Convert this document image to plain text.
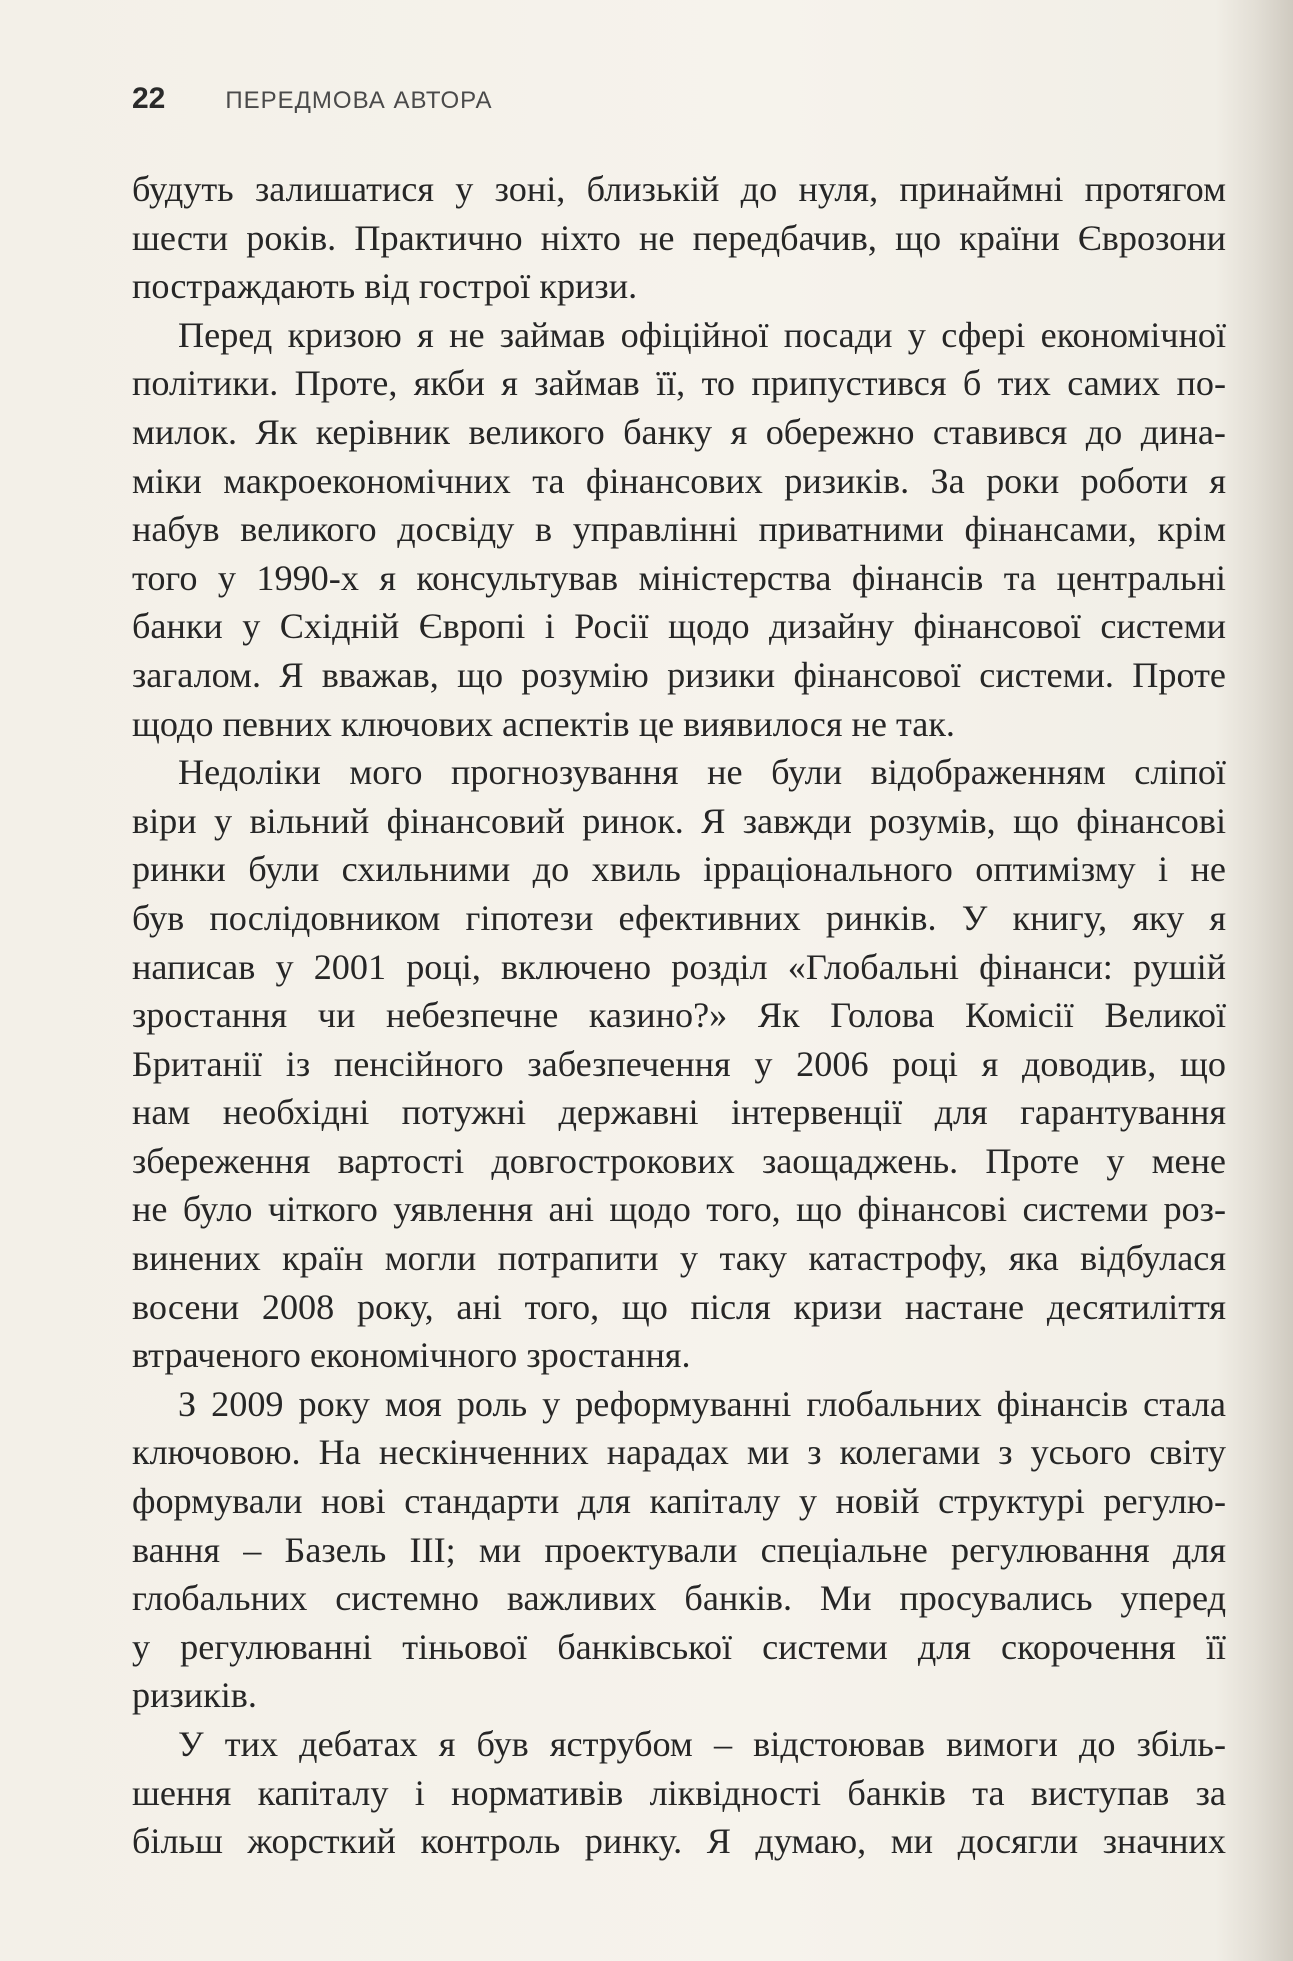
22	ПЕРЕДМОВА АВТОРА

будуть залишатися у зоні, близькій до нуля, принаймні протягом
шести років. Практично ніхто не передбачив, що країни Єврозони
постраждають від гострої кризи.

Перед кризою я не займав офіційної посади у сфері економічної
політики. Проте, якби я займав її, то припустився б тих самих по-
милок. Як керівник великого банку я обережно ставився до дина-
міки макроекономічних та фінансових ризиків. За роки роботи я
набув великого досвіду в управлінні приватними фінансами, крім
того у 1990-х я консультував міністерства фінансів та центральні
банки у Східній Європі і Росії щодо дизайну фінансової системи
загалом. Я вважав, що розумію ризики фінансової системи. Проте
щодо певних ключових аспектів це виявилося не так.

Недоліки мого прогнозування не були відображенням сліпої
віри у вільний фінансовий ринок. Я завжди розумів, що фінансові
ринки були схильними до хвиль ірраціонального оптимізму і не
був послідовником гіпотези ефективних ринків. У книгу, яку я
написав у 2001 році, включено розділ «Глобальні фінанси: рушій
зростання чи небезпечне казино?» Як Голова Комісії Великої
Британії із пенсійного забезпечення у 2006 році я доводив, що
нам необхідні потужні державні інтервенції для гарантування
збереження вартості довгострокових заощаджень. Проте у мене
не було чіткого уявлення ані щодо того, що фінансові системи роз-
винених країн могли потрапити у таку катастрофу, яка відбулася
восени 2008 року, ані того, що після кризи настане десятиліття
втраченого економічного зростання.

З 2009 року моя роль у реформуванні глобальних фінансів стала
ключовою. На нескінченних нарадах ми з колегами з усього світу
формували нові стандарти для капіталу у новій структурі регулю-
вання – Базель III; ми проектували спеціальне регулювання для
глобальних системно важливих банків. Ми просувались уперед
у регулюванні тіньової банківської системи для скорочення її
ризиків.

У тих дебатах я був яструбом – відстоював вимоги до збіль-
шення капіталу і нормативів ліквідності банків та виступав за
більш жорсткий контроль ринку. Я думаю, ми досягли значних
